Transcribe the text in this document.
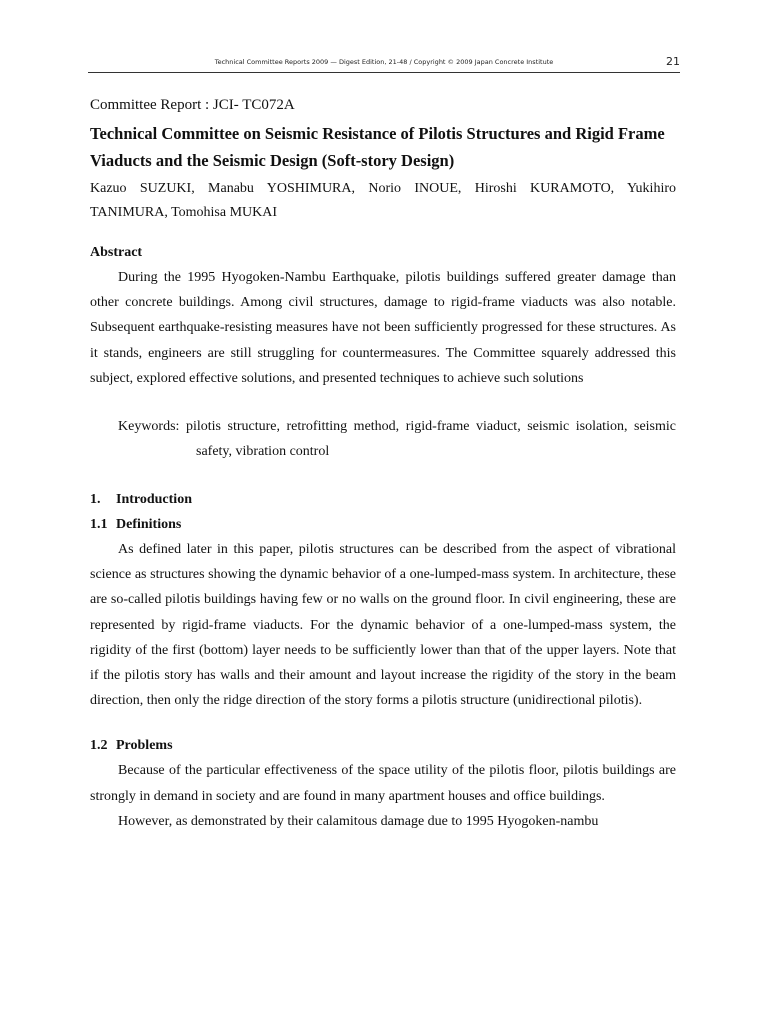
Technical Committee Reports 2009 — Digest Edition, 21-48 / Copyright © 2009 Japan Concrete Institute	21

Committee Report : JCI- TC072A

Technical Committee on Seismic Resistance of Pilotis Structures and Rigid Frame Viaducts and the Seismic Design (Soft-story Design)

Kazuo SUZUKI, Manabu YOSHIMURA, Norio INOUE, Hiroshi KURAMOTO, Yukihiro TANIMURA, Tomohisa MUKAI

Abstract

During the 1995 Hyogoken-Nambu Earthquake, pilotis buildings suffered greater damage than other concrete buildings. Among civil structures, damage to rigid-frame viaducts was also notable. Subsequent earthquake-resisting measures have not been sufficiently progressed for these structures. As it stands, engineers are still struggling for countermeasures. The Committee squarely addressed this subject, explored effective solutions, and presented techniques to achieve such solutions

Keywords: pilotis structure, retrofitting method, rigid-frame viaduct, seismic isolation, seismic safety, vibration control

1. Introduction
1.1 Definitions

As defined later in this paper, pilotis structures can be described from the aspect of vibrational science as structures showing the dynamic behavior of a one-lumped-mass system. In architecture, these are so-called pilotis buildings having few or no walls on the ground floor. In civil engineering, these are represented by rigid-frame viaducts. For the dynamic behavior of a one-lumped-mass system, the rigidity of the first (bottom) layer needs to be sufficiently lower than that of the upper layers. Note that if the pilotis story has walls and their amount and layout increase the rigidity of the story in the beam direction, then only the ridge direction of the story forms a pilotis structure (unidirectional pilotis).

1.2 Problems

Because of the particular effectiveness of the space utility of the pilotis floor, pilotis buildings are strongly in demand in society and are found in many apartment houses and office buildings.

However, as demonstrated by their calamitous damage due to 1995 Hyogoken-nambu
